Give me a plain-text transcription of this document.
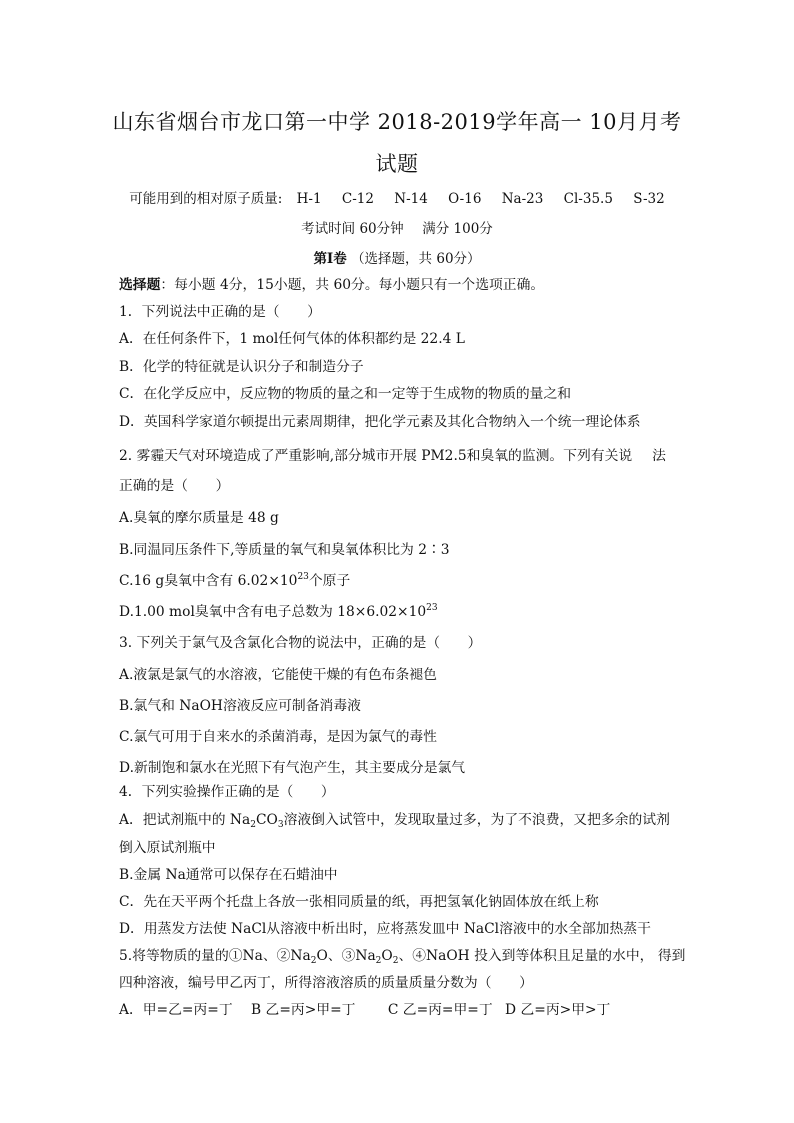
山东省烟台市龙口第一中学 2018-2019学年高一 10月月考
试题
可能用到的相对原子质量: H-1 C-12 N-14 O-16 Na-23 Cl-35.5 S-32
考试时间 60分钟 满分 100分
第Ⅰ卷 （选择题，共 60分）
选择题：每小题 4分，15小题，共 60分。每小题只有一个选项正确。
1．下列说法中正确的是（　　）
A．在任何条件下，1 mol任何气体的体积都约是 22.4 L
B．化学的特征就是认识分子和制造分子
C．在化学反应中，反应物的物质的量之和一定等于生成物的物质的量之和
D．英国科学家道尔顿提出元素周期律，把化学元素及其化合物纳入一个统一理论体系
2. 雾霾天气对环境造成了严重影响,部分城市开展 PM2.5和臭氧的监测。下列有关说 法
正确的是（　　）
A.臭氧的摩尔质量是 48 g
B.同温同压条件下,等质量的氧气和臭氧体积比为 2∶3
C.16 g臭氧中含有 $6.02\times 10^{23}$个原子
D.1.00 mol臭氧中含有电子总数为 $18\times 6.02\times 10^{23}$
3. 下列关于氯气及含氯化合物的说法中，正确的是（　　）
A.液氯是氯气的水溶液，它能使干燥的有色布条褪色
B.氯气和 NaOH溶液反应可制备消毒液
C.氯气可用于自来水的杀菌消毒，是因为氯气的毒性
D.新制饱和氯水在光照下有气泡产生，其主要成分是氯气
4．下列实验操作正确的是（　　）
A．把试剂瓶中的 $Na_2CO_3$溶液倒入试管中，发现取量过多，为了不浪费，又把多余的试剂
倒入原试剂瓶中
B.金属 Na通常可以保存在石蜡油中
C．先在天平两个托盘上各放一张相同质量的纸，再把氢氧化钠固体放在纸上称
D．用蒸发方法使 NaCl从溶液中析出时，应将蒸发皿中 NaCl溶液中的水全部加热蒸干
5.将等物质的量的①Na、$②Na_2O$、$③Na_2O_2$、④NaOH 投入到等体积且足量的水中， 得到
四种溶液，编号甲乙丙丁，所得溶液溶质的质量质量分数为（　　）
A．甲=乙=丙=丁 B 乙=丙>甲=丁 C 乙=丙=甲=丁 D 乙=丙>甲>丁
